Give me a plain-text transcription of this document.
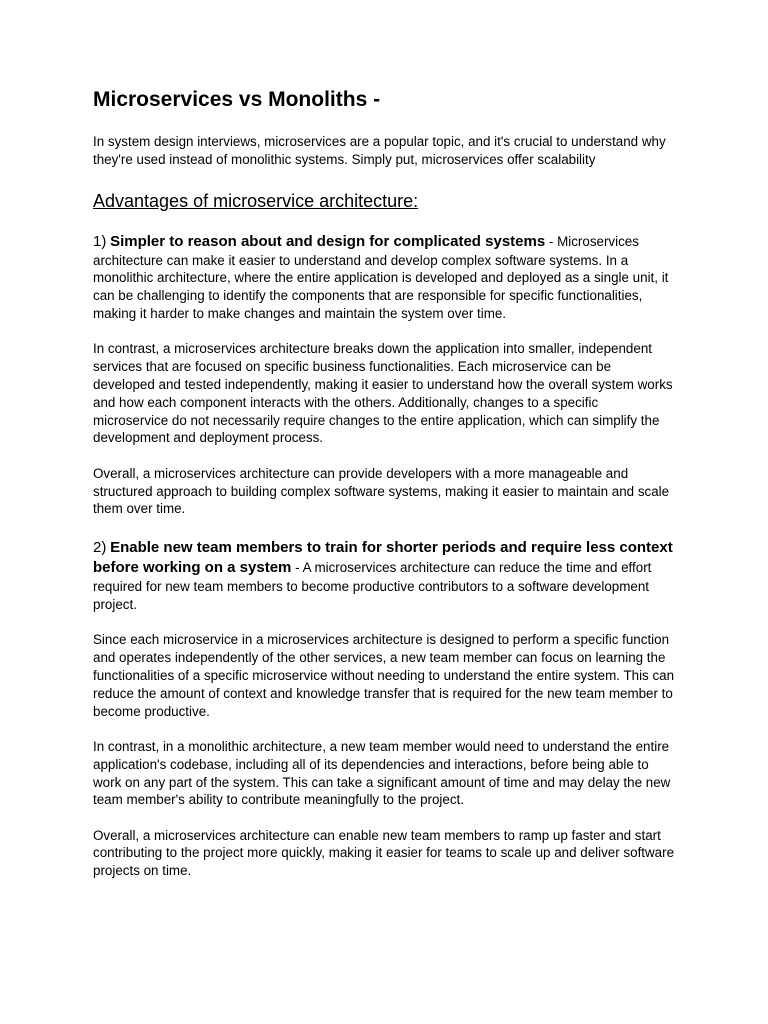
Microservices vs Monoliths -

In system design interviews, microservices are a popular topic, and it's crucial to understand why they're used instead of monolithic systems. Simply put, microservices offer scalability

Advantages of microservice architecture:

1) Simpler to reason about and design for complicated systems - Microservices architecture can make it easier to understand and develop complex software systems. In a monolithic architecture, where the entire application is developed and deployed as a single unit, it can be challenging to identify the components that are responsible for specific functionalities, making it harder to make changes and maintain the system over time.

In contrast, a microservices architecture breaks down the application into smaller, independent services that are focused on specific business functionalities. Each microservice can be developed and tested independently, making it easier to understand how the overall system works and how each component interacts with the others. Additionally, changes to a specific microservice do not necessarily require changes to the entire application, which can simplify the development and deployment process.

Overall, a microservices architecture can provide developers with a more manageable and structured approach to building complex software systems, making it easier to maintain and scale them over time.

2) Enable new team members to train for shorter periods and require less context before working on a system - A microservices architecture can reduce the time and effort required for new team members to become productive contributors to a software development project.

Since each microservice in a microservices architecture is designed to perform a specific function and operates independently of the other services, a new team member can focus on learning the functionalities of a specific microservice without needing to understand the entire system. This can reduce the amount of context and knowledge transfer that is required for the new team member to become productive.

In contrast, in a monolithic architecture, a new team member would need to understand the entire application's codebase, including all of its dependencies and interactions, before being able to work on any part of the system. This can take a significant amount of time and may delay the new team member's ability to contribute meaningfully to the project.

Overall, a microservices architecture can enable new team members to ramp up faster and start contributing to the project more quickly, making it easier for teams to scale up and deliver software projects on time.
